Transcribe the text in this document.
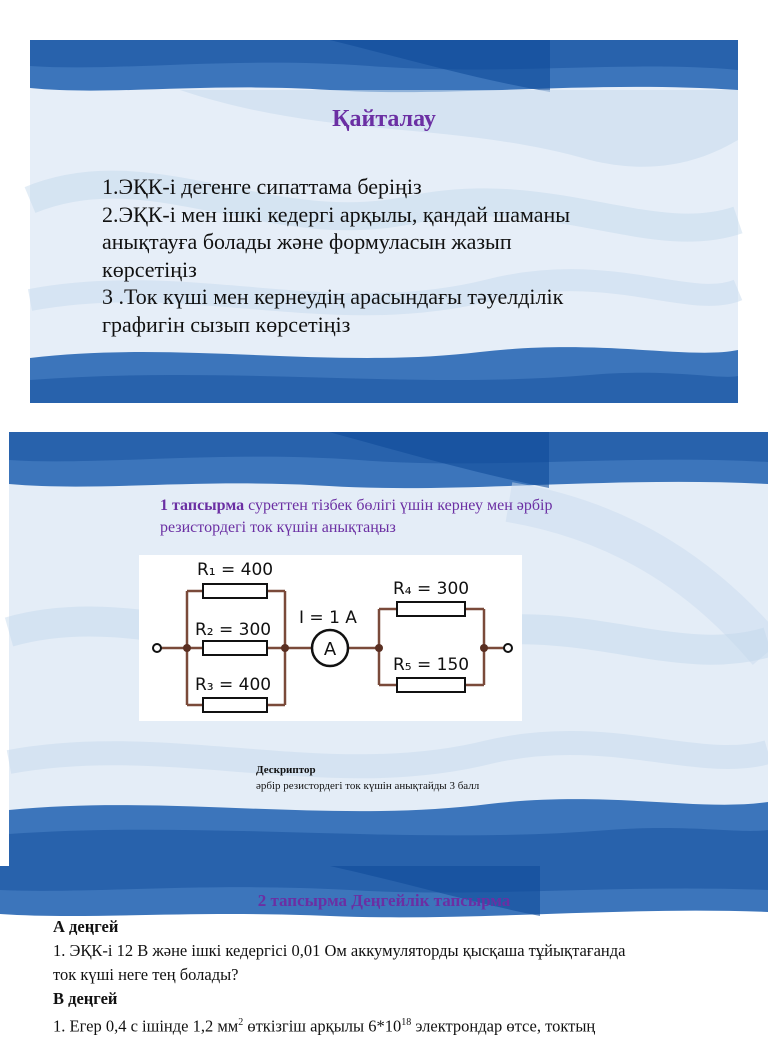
Қайталау

1.ЭҚК-і дегенге сипаттама беріңіз

2.ЭҚК-і мен ішкі кедергі арқылы, қандай шаманы

анықтауға болады және формуласын жазып

көрсетіңіз

3 .Ток күші мен кернеудің арасындағы тәуелділік

графигін сызып көрсетіңіз

1 тапсырма суреттен тізбек бөлігі үшін кернеу мен әрбір
резистордегі ток күшін анықтаңыз
A
R₁ = 400
R₂ = 300
R₃ = 400
R₄ = 300
R₅ = 150
I = 1 A
Дескриптор
әрбір резистордегі ток күшін анықтайды 3 балл
2 тапсырма Деңгейлік тапсырма

А деңгей

1. ЭҚК-і 12 В және ішкі кедергісі 0,01 Ом аккумуляторды қысқаша тұйықтағанда

ток күші неге тең болады?

В деңгей

1. Егер 0,4 с ішінде 1,2 $мм^2$ өткізгіш арқылы $6*10^{18}$ электрондар өтсе, токтың
